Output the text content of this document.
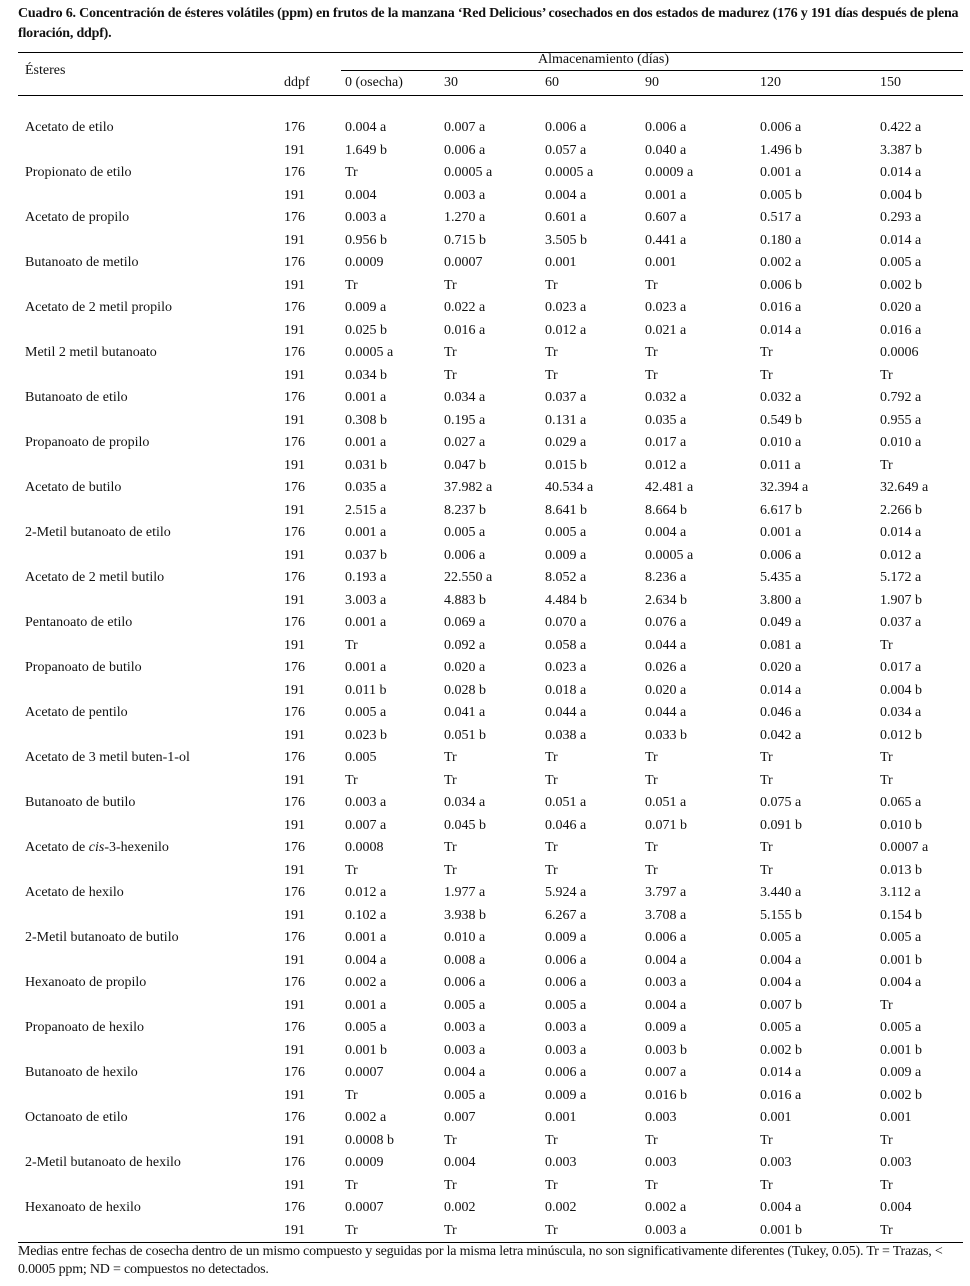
Cuadro 6. Concentración de ésteres volátiles (ppm) en frutos de la manzana ‘Red Delicious’ cosechados en dos estados de madurez (176 y 191 días después de plena floración, ddpf).
Ésteres
Almacenamiento (días)
ddpf	0 (osecha)	30	60	90	120	150
Acetato de etilo	176	0.004 a	0.007 a	0.006 a	0.006 a	0.006 a	0.422 a
191	1.649 b	0.006 a	0.057 a	0.040 a	1.496 b	3.387 b
Propionato de etilo	176	Tr	0.0005 a	0.0005 a	0.0009 a	0.001 a	0.014 a
191	0.004	0.003 a	0.004 a	0.001 a	0.005 b	0.004 b
Acetato de propilo	176	0.003 a	1.270 a	0.601 a	0.607 a	0.517 a	0.293 a
191	0.956 b	0.715 b	3.505 b	0.441 a	0.180 a	0.014 a
Butanoato de metilo	176	0.0009	0.0007	0.001	0.001	0.002 a	0.005 a
191	Tr	Tr	Tr	Tr	0.006 b	0.002 b
Acetato de 2 metil propilo	176	0.009 a	0.022 a	0.023 a	0.023 a	0.016 a	0.020 a
191	0.025 b	0.016 a	0.012 a	0.021 a	0.014 a	0.016 a
Metil 2 metil butanoato	176	0.0005 a	Tr	Tr	Tr	Tr	0.0006
191	0.034 b	Tr	Tr	Tr	Tr	Tr
Butanoato de etilo	176	0.001 a	0.034 a	0.037 a	0.032 a	0.032 a	0.792 a
191	0.308 b	0.195 a	0.131 a	0.035 a	0.549 b	0.955 a
Propanoato de propilo	176	0.001 a	0.027 a	0.029 a	0.017 a	0.010 a	0.010 a
191	0.031 b	0.047 b	0.015 b	0.012 a	0.011 a	Tr
Acetato de butilo	176	0.035 a	37.982 a	40.534 a	42.481 a	32.394 a	32.649 a
191	2.515 a	8.237 b	8.641 b	8.664 b	6.617 b	2.266 b
2-Metil butanoato de etilo	176	0.001 a	0.005 a	0.005 a	0.004 a	0.001 a	0.014 a
191	0.037 b	0.006 a	0.009 a	0.0005 a	0.006 a	0.012 a
Acetato de 2 metil butilo	176	0.193 a	22.550 a	8.052 a	8.236 a	5.435 a	5.172 a
191	3.003 a	4.883 b	4.484 b	2.634 b	3.800 a	1.907 b
Pentanoato de etilo	176	0.001 a	0.069 a	0.070 a	0.076 a	0.049 a	0.037 a
191	Tr	0.092 a	0.058 a	0.044 a	0.081 a	Tr
Propanoato de butilo	176	0.001 a	0.020 a	0.023 a	0.026 a	0.020 a	0.017 a
191	0.011 b	0.028 b	0.018 a	0.020 a	0.014 a	0.004 b
Acetato de pentilo	176	0.005 a	0.041 a	0.044 a	0.044 a	0.046 a	0.034 a
191	0.023 b	0.051 b	0.038 a	0.033 b	0.042 a	0.012 b
Acetato de 3 metil buten-1-ol	176	0.005	Tr	Tr	Tr	Tr	Tr
191	Tr	Tr	Tr	Tr	Tr	Tr
Butanoato de butilo	176	0.003 a	0.034 a	0.051 a	0.051 a	0.075 a	0.065 a
191	0.007 a	0.045 b	0.046 a	0.071 b	0.091 b	0.010 b
Acetato de cis-3-hexenilo	176	0.0008	Tr	Tr	Tr	Tr	0.0007 a
191	Tr	Tr	Tr	Tr	Tr	0.013 b
Acetato de hexilo	176	0.012 a	1.977 a	5.924 a	3.797 a	3.440 a	3.112 a
191	0.102 a	3.938 b	6.267 a	3.708 a	5.155 b	0.154 b
2-Metil butanoato de butilo	176	0.001 a	0.010 a	0.009 a	0.006 a	0.005 a	0.005 a
191	0.004 a	0.008 a	0.006 a	0.004 a	0.004 a	0.001 b
Hexanoato de propilo	176	0.002 a	0.006 a	0.006 a	0.003 a	0.004 a	0.004 a
191	0.001 a	0.005 a	0.005 a	0.004 a	0.007 b	Tr
Propanoato de hexilo	176	0.005 a	0.003 a	0.003 a	0.009 a	0.005 a	0.005 a
191	0.001 b	0.003 a	0.003 a	0.003 b	0.002 b	0.001 b
Butanoato de hexilo	176	0.0007	0.004 a	0.006 a	0.007 a	0.014 a	0.009 a
191	Tr	0.005 a	0.009 a	0.016 b	0.016 a	0.002 b
Octanoato de etilo	176	0.002 a	0.007	0.001	0.003	0.001	0.001
191	0.0008 b	Tr	Tr	Tr	Tr	Tr
2-Metil butanoato de hexilo	176	0.0009	0.004	0.003	0.003	0.003	0.003
191	Tr	Tr	Tr	Tr	Tr	Tr
Hexanoato de hexilo	176	0.0007	0.002	0.002	0.002 a	0.004 a	0.004
191	Tr	Tr	Tr	0.003 a	0.001 b	Tr
Medias entre fechas de cosecha dentro de un mismo compuesto y seguidas por la misma letra minúscula, no son significativamente diferentes (Tukey, 0.05). Tr = Trazas, < 0.0005 ppm; ND = compuestos no detectados.
